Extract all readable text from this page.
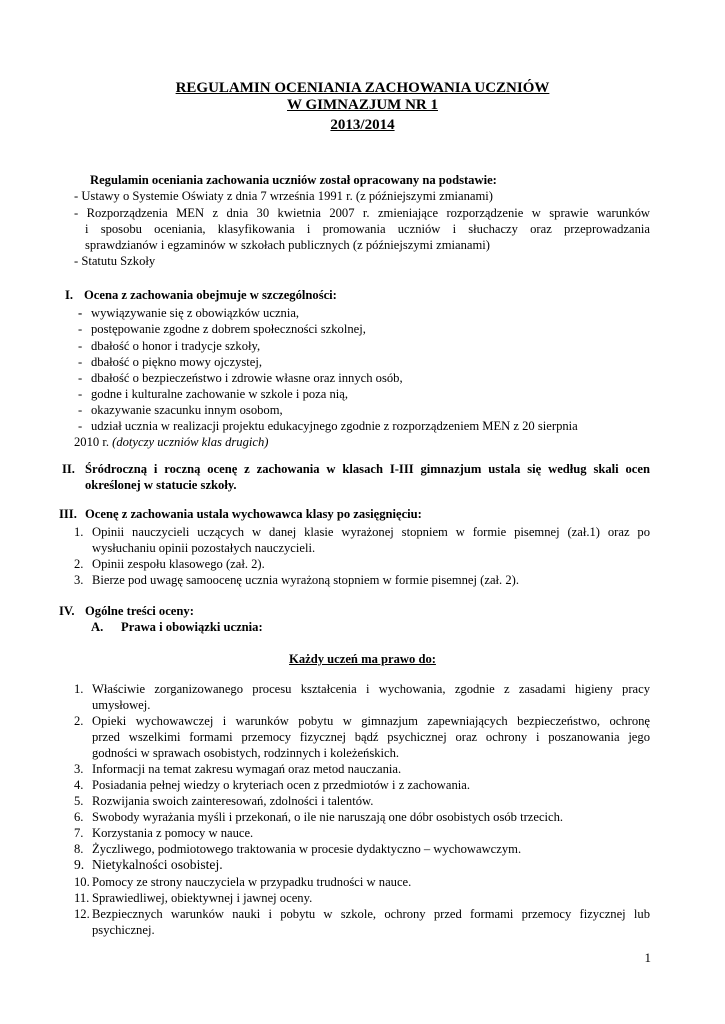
REGULAMIN OCENIANIA ZACHOWANIA UCZNIÓW
W GIMNAZJUM NR 1
2013/2014
Regulamin oceniania zachowania uczniów został opracowany na podstawie:
- Ustawy o Systemie Oświaty z dnia 7 września 1991 r. (z późniejszymi zmianami)
- Rozporządzenia MEN z dnia 30 kwietnia 2007 r. zmieniające rozporządzenie w sprawie warunków
i sposobu oceniania, klasyfikowania i promowania uczniów i słuchaczy oraz przeprowadzania
sprawdzianów i egzaminów w szkołach publicznych (z późniejszymi zmianami)
- Statutu Szkoły
I. Ocena z zachowania obejmuje w szczególności:
- wywiązywanie się z obowiązków ucznia,
- postępowanie zgodne z dobrem społeczności szkolnej,
- dbałość o honor i tradycje szkoły,
- dbałość o piękno mowy ojczystej,
- dbałość o bezpieczeństwo i zdrowie własne oraz innych osób,
- godne i kulturalne zachowanie w szkole i poza nią,
- okazywanie szacunku innym osobom,
- udział ucznia w realizacji projektu edukacyjnego zgodnie z rozporządzeniem MEN z 20 sierpnia
2010 r. (dotyczy uczniów klas drugich)
II. Śródroczną i roczną ocenę z zachowania w klasach I-III gimnazjum ustala się według skali ocen
określonej w statucie szkoły.
III. Ocenę z zachowania ustala wychowawca klasy po zasięgnięciu:
1. Opinii nauczycieli uczących w danej klasie wyrażonej stopniem w formie pisemnej (zał.1) oraz po
wysłuchaniu opinii pozostałych nauczycieli.
2. Opinii zespołu klasowego (zał. 2).
3. Bierze pod uwagę samoocenę ucznia wyrażoną stopniem w formie pisemnej (zał. 2).
IV. Ogólne treści oceny:
A. Prawa i obowiązki ucznia:
Każdy uczeń ma prawo do:
1. Właściwie zorganizowanego procesu kształcenia i wychowania, zgodnie z zasadami higieny pracy
umysłowej.
2. Opieki wychowawczej i warunków pobytu w gimnazjum zapewniających bezpieczeństwo, ochronę
przed wszelkimi formami przemocy fizycznej bądź psychicznej oraz ochrony i poszanowania jego
godności w sprawach osobistych, rodzinnych i koleżeńskich.
3. Informacji na temat zakresu wymagań oraz metod nauczania.
4. Posiadania pełnej wiedzy o kryteriach ocen z przedmiotów i z zachowania.
5. Rozwijania swoich zainteresowań, zdolności i talentów.
6. Swobody wyrażania myśli i przekonań, o ile nie naruszają one dóbr osobistych osób trzecich.
7. Korzystania z pomocy w nauce.
8. Życzliwego, podmiotowego traktowania w procesie dydaktyczno – wychowawczym.
9. Nietykalności osobistej.
10. Pomocy ze strony nauczyciela w przypadku trudności w nauce.
11. Sprawiedliwej, obiektywnej i jawnej oceny.
12. Bezpiecznych warunków nauki i pobytu w szkole, ochrony przed formami przemocy fizycznej lub
psychicznej.
1
